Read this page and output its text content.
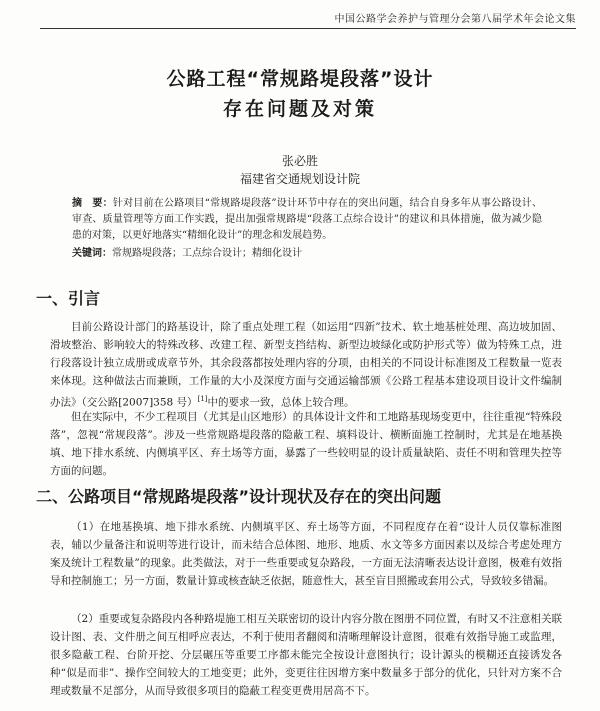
中国公路学会养护与管理分会第八届学术年会论文集
公路工程“常规路堤段落”设计
存在问题及对策
张必胜
福建省交通规划设计院
摘　要：针对目前在公路项目“常规路堤段落”设计环节中存在的突出问题，结合自身多年从事公路设计、审查、质量管理等方面工作实践，提出加强常规路堤“段落工点综合设计”的建议和具体措施，做为减少隐患的对策，以更好地落实“精细化设计”的理念和发展趋势。
关键词：常规路堤段落；工点综合设计；精细化设计
一、引言
目前公路设计部门的路基设计，除了重点处理工程（如运用“四新”技术、软土地基桩处理、高边坡加固、滑坡整治、影响较大的特殊改移、改建工程、新型支挡结构、新型边坡绿化或防护形式等）做为特殊工点，进行段落设计独立成册或成章节外，其余段落都按处理内容的分项，由相关的不同设计标准图及工程数量一览表来体现。这种做法古而兼顾，工作量的大小及深度方面与交通运输部颁《公路工程基本建设项目设计文件编制办法》（交公路[2007]358 号）[1]中的要求一致，总体上较合理。
但在实际中，不少工程项目（尤其是山区地形）的具体设计文件和工地路基现场变更中，往往重视“特殊段落”，忽视“常规段落”。涉及一些常规路堤段落的隐蔽工程、填料设计、横断面施工控制时，尤其是在地基换填、地下排水系统、内侧填平区、弃土场等方面，暴露了一些较明显的设计质量缺陷、责任不明和管理失控等方面的问题。
二、公路项目“常规路堤段落”设计现状及存在的突出问题
（1）在地基换填、地下排水系统、内侧填平区、弃土场等方面，不同程度存在着“设计人员仅靠标准图表，辅以少量备注和说明等进行设计，而未结合总体图、地形、地质、水文等多方面因素以及综合考虑处理方案及统计工程数量”的现象。此类做法，对于一些重要或复杂路段，一方面无法清晰表达设计意图，极难有效指导和控制施工；另一方面，数量计算或核查缺乏依据，随意性大，甚至盲目照搬或套用公式，导致较多错漏。
（2）重要或复杂路段内各种路堤施工相互关联密切的设计内容分散在图册不同位置，有时又不注意相关联设计图、表、文件册之间互相呼应表达，不利于使用者翻阅和清晰理解设计意图，很难有效指导施工或监理，很多隐蔽工程、台阶开挖、分层碾压等重要工序都未能完全按设计意图执行；设计源头的模糊还直接诱发各种“似是而非”、操作空间较大的工地变更；此外，变更往往因增方案中数量多于部分的优化，只针对方案不合理或数量不足部分，从而导致很多项目的隐蔽工程变更费用居高不下。
